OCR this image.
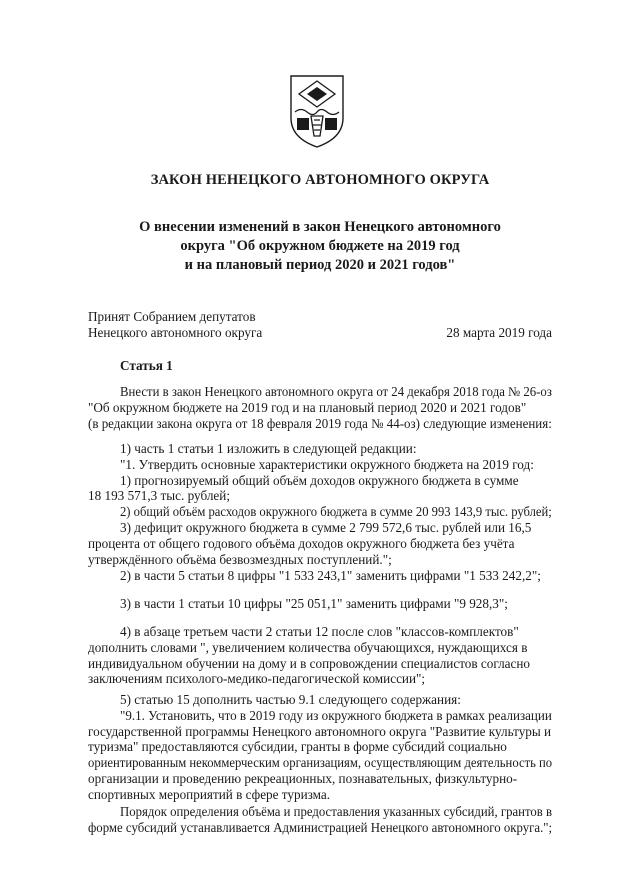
ЗАКОН НЕНЕЦКОГО АВТОНОМНОГО ОКРУГА
О внесении изменений в закон Ненецкого автономного
округа "Об окружном бюджете на 2019 год
и на плановый период 2020 и 2021 годов"
Принят Собранием депутатов
Ненецкого автономного округа	28 марта 2019 года
Статья 1
Внести в закон Ненецкого автономного округа от 24 декабря 2018 года № 26-оз
"Об окружном бюджете на 2019 год и на плановый период 2020 и 2021 годов"
(в редакции закона округа от 18 февраля 2019 года № 44-оз) следующие изменения:
1) часть 1 статьи 1 изложить в следующей редакции:
"1. Утвердить основные характеристики окружного бюджета на 2019 год:
1) прогнозируемый общий объём доходов окружного бюджета в сумме
18 193 571,3 тыс. рублей;
2) общий объём расходов окружного бюджета в сумме 20 993 143,9 тыс. рублей;
3) дефицит окружного бюджета в сумме 2 799 572,6 тыс. рублей или 16,5
процента от общего годового объёма доходов окружного бюджета без учёта
утверждённого объёма безвозмездных поступлений.";
2) в части 5 статьи 8 цифры "1 533 243,1" заменить цифрами "1 533 242,2";
3) в части 1 статьи 10 цифры "25 051,1" заменить цифрами "9 928,3";
4) в абзаце третьем части 2 статьи 12 после слов "классов-комплектов"
дополнить словами ", увеличением количества обучающихся, нуждающихся в
индивидуальном обучении на дому и в сопровождении специалистов согласно
заключениям психолого-медико-педагогической комиссии";
5) статью 15 дополнить частью 9.1 следующего содержания:
"9.1. Установить, что в 2019 году из окружного бюджета в рамках реализации
государственной программы Ненецкого автономного округа "Развитие культуры и
туризма" предоставляются субсидии, гранты в форме субсидий социально
ориентированным некоммерческим организациям, осуществляющим деятельность по
организации и проведению рекреационных, познавательных, физкультурно-
спортивных мероприятий в сфере туризма.
Порядок определения объёма и предоставления указанных субсидий, грантов в
форме субсидий устанавливается Администрацией Ненецкого автономного округа.";
